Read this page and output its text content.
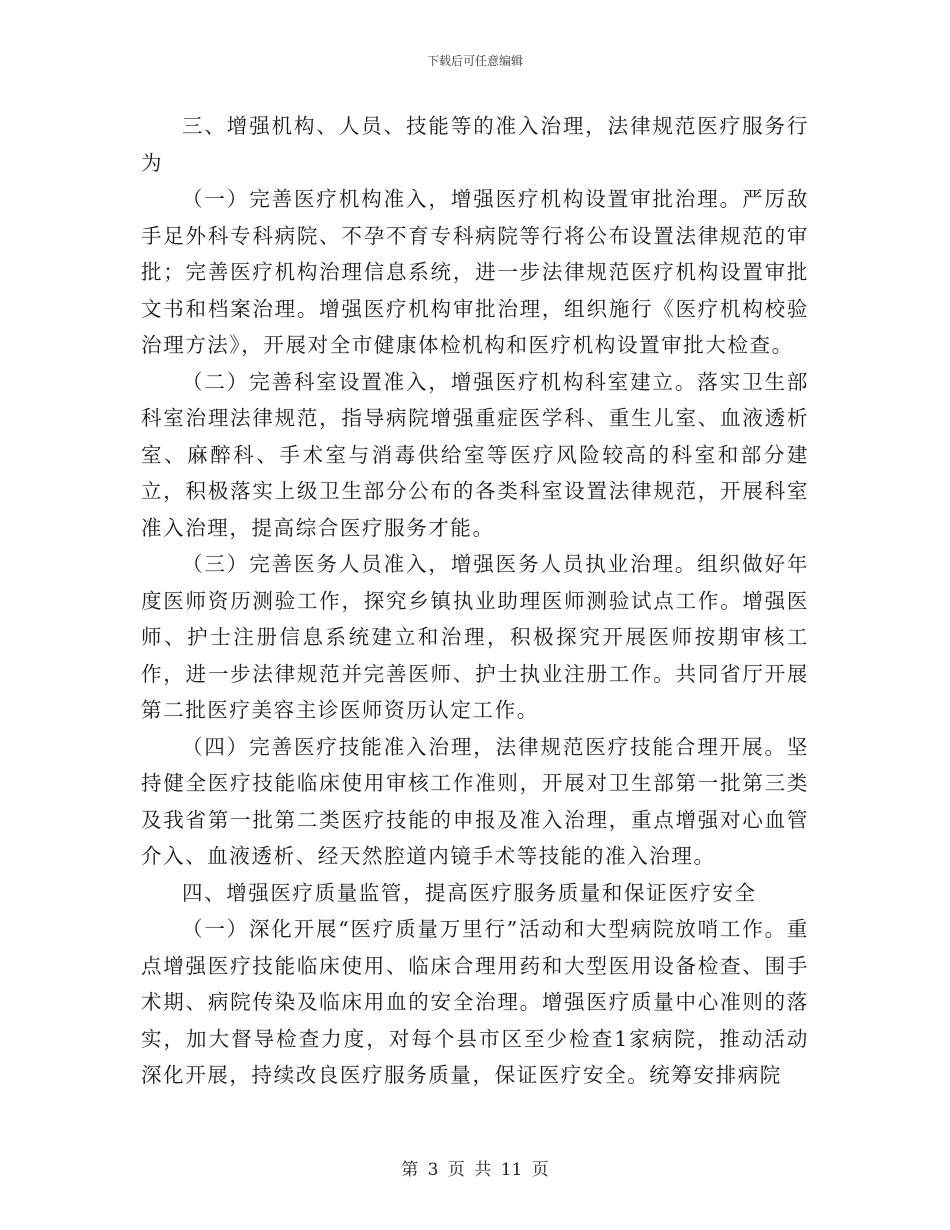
下载后可任意编辑

三、增强机构、人员、技能等的准入治理，法律规范医疗服务行为

（一）完善医疗机构准入，增强医疗机构设置审批治理。严厉敌手足外科专科病院、不孕不育专科病院等行将公布设置法律规范的审批；完善医疗机构治理信息系统，进一步法律规范医疗机构设置审批文书和档案治理。增强医疗机构审批治理，组织施行《医疗机构校验治理方法》，开展对全市健康体检机构和医疗机构设置审批大检查。

（二）完善科室设置准入，增强医疗机构科室建立。落实卫生部科室治理法律规范，指导病院增强重症医学科、重生儿室、血液透析室、麻醉科、手术室与消毒供给室等医疗风险较高的科室和部分建立，积极落实上级卫生部分公布的各类科室设置法律规范，开展科室准入治理，提高综合医疗服务才能。

（三）完善医务人员准入，增强医务人员执业治理。组织做好年度医师资历测验工作，探究乡镇执业助理医师测验试点工作。增强医师、护士注册信息系统建立和治理，积极探究开展医师按期审核工作，进一步法律规范并完善医师、护士执业注册工作。共同省厅开展第二批医疗美容主诊医师资历认定工作。

（四）完善医疗技能准入治理，法律规范医疗技能合理开展。坚持健全医疗技能临床使用审核工作准则，开展对卫生部第一批第三类及我省第一批第二类医疗技能的申报及准入治理，重点增强对心血管介入、血液透析、经天然腔道内镜手术等技能的准入治理。

四、增强医疗质量监管，提高医疗服务质量和保证医疗安全

（一）深化开展“医疗质量万里行”活动和大型病院放哨工作。重点增强医疗技能临床使用、临床合理用药和大型医用设备检查、围手术期、病院传染及临床用血的安全治理。增强医疗质量中心准则的落实，加大督导检查力度，对每个县市区至少检查1家病院，推动活动深化开展，持续改良医疗服务质量，保证医疗安全。统筹安排病院

第 3 页 共 11 页
